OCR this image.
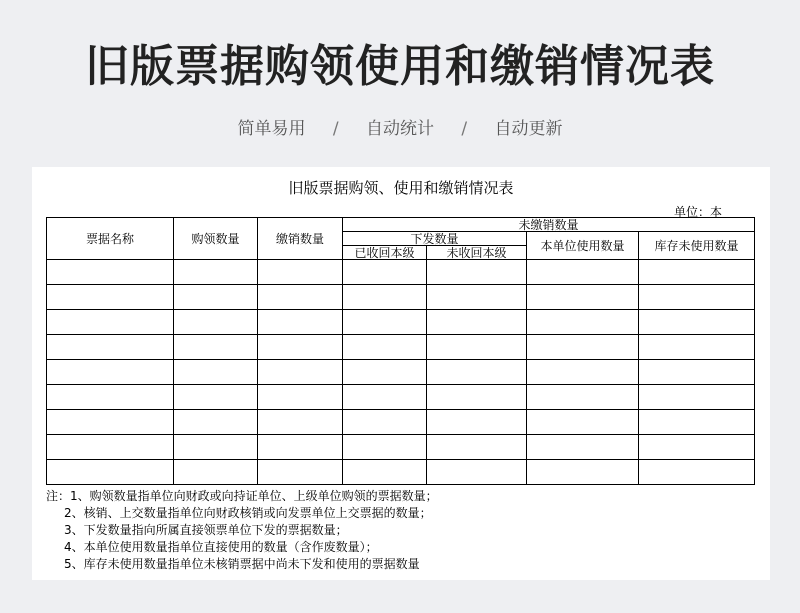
旧版票据购领使用和缴销情况表
简单易用 / 自动统计 / 自动更新
旧版票据购领、使用和缴销情况表
单位：本
票据名称	购领数量	缴销数量	未缴销数量			
			下发数量		本单位使用数量	库存未使用数量
			已收回本级	未收回本级		

注：1、购领数量指单位向财政或向持证单位、上级单位购领的票据数量；
2、核销、上交数量指单位向财政核销或向发票单位上交票据的数量；
3、下发数量指向所属直接领票单位下发的票据数量；
4、本单位使用数量指单位直接使用的数量（含作废数量）；
5、库存未使用数量指单位未核销票据中尚未下发和使用的票据数量
